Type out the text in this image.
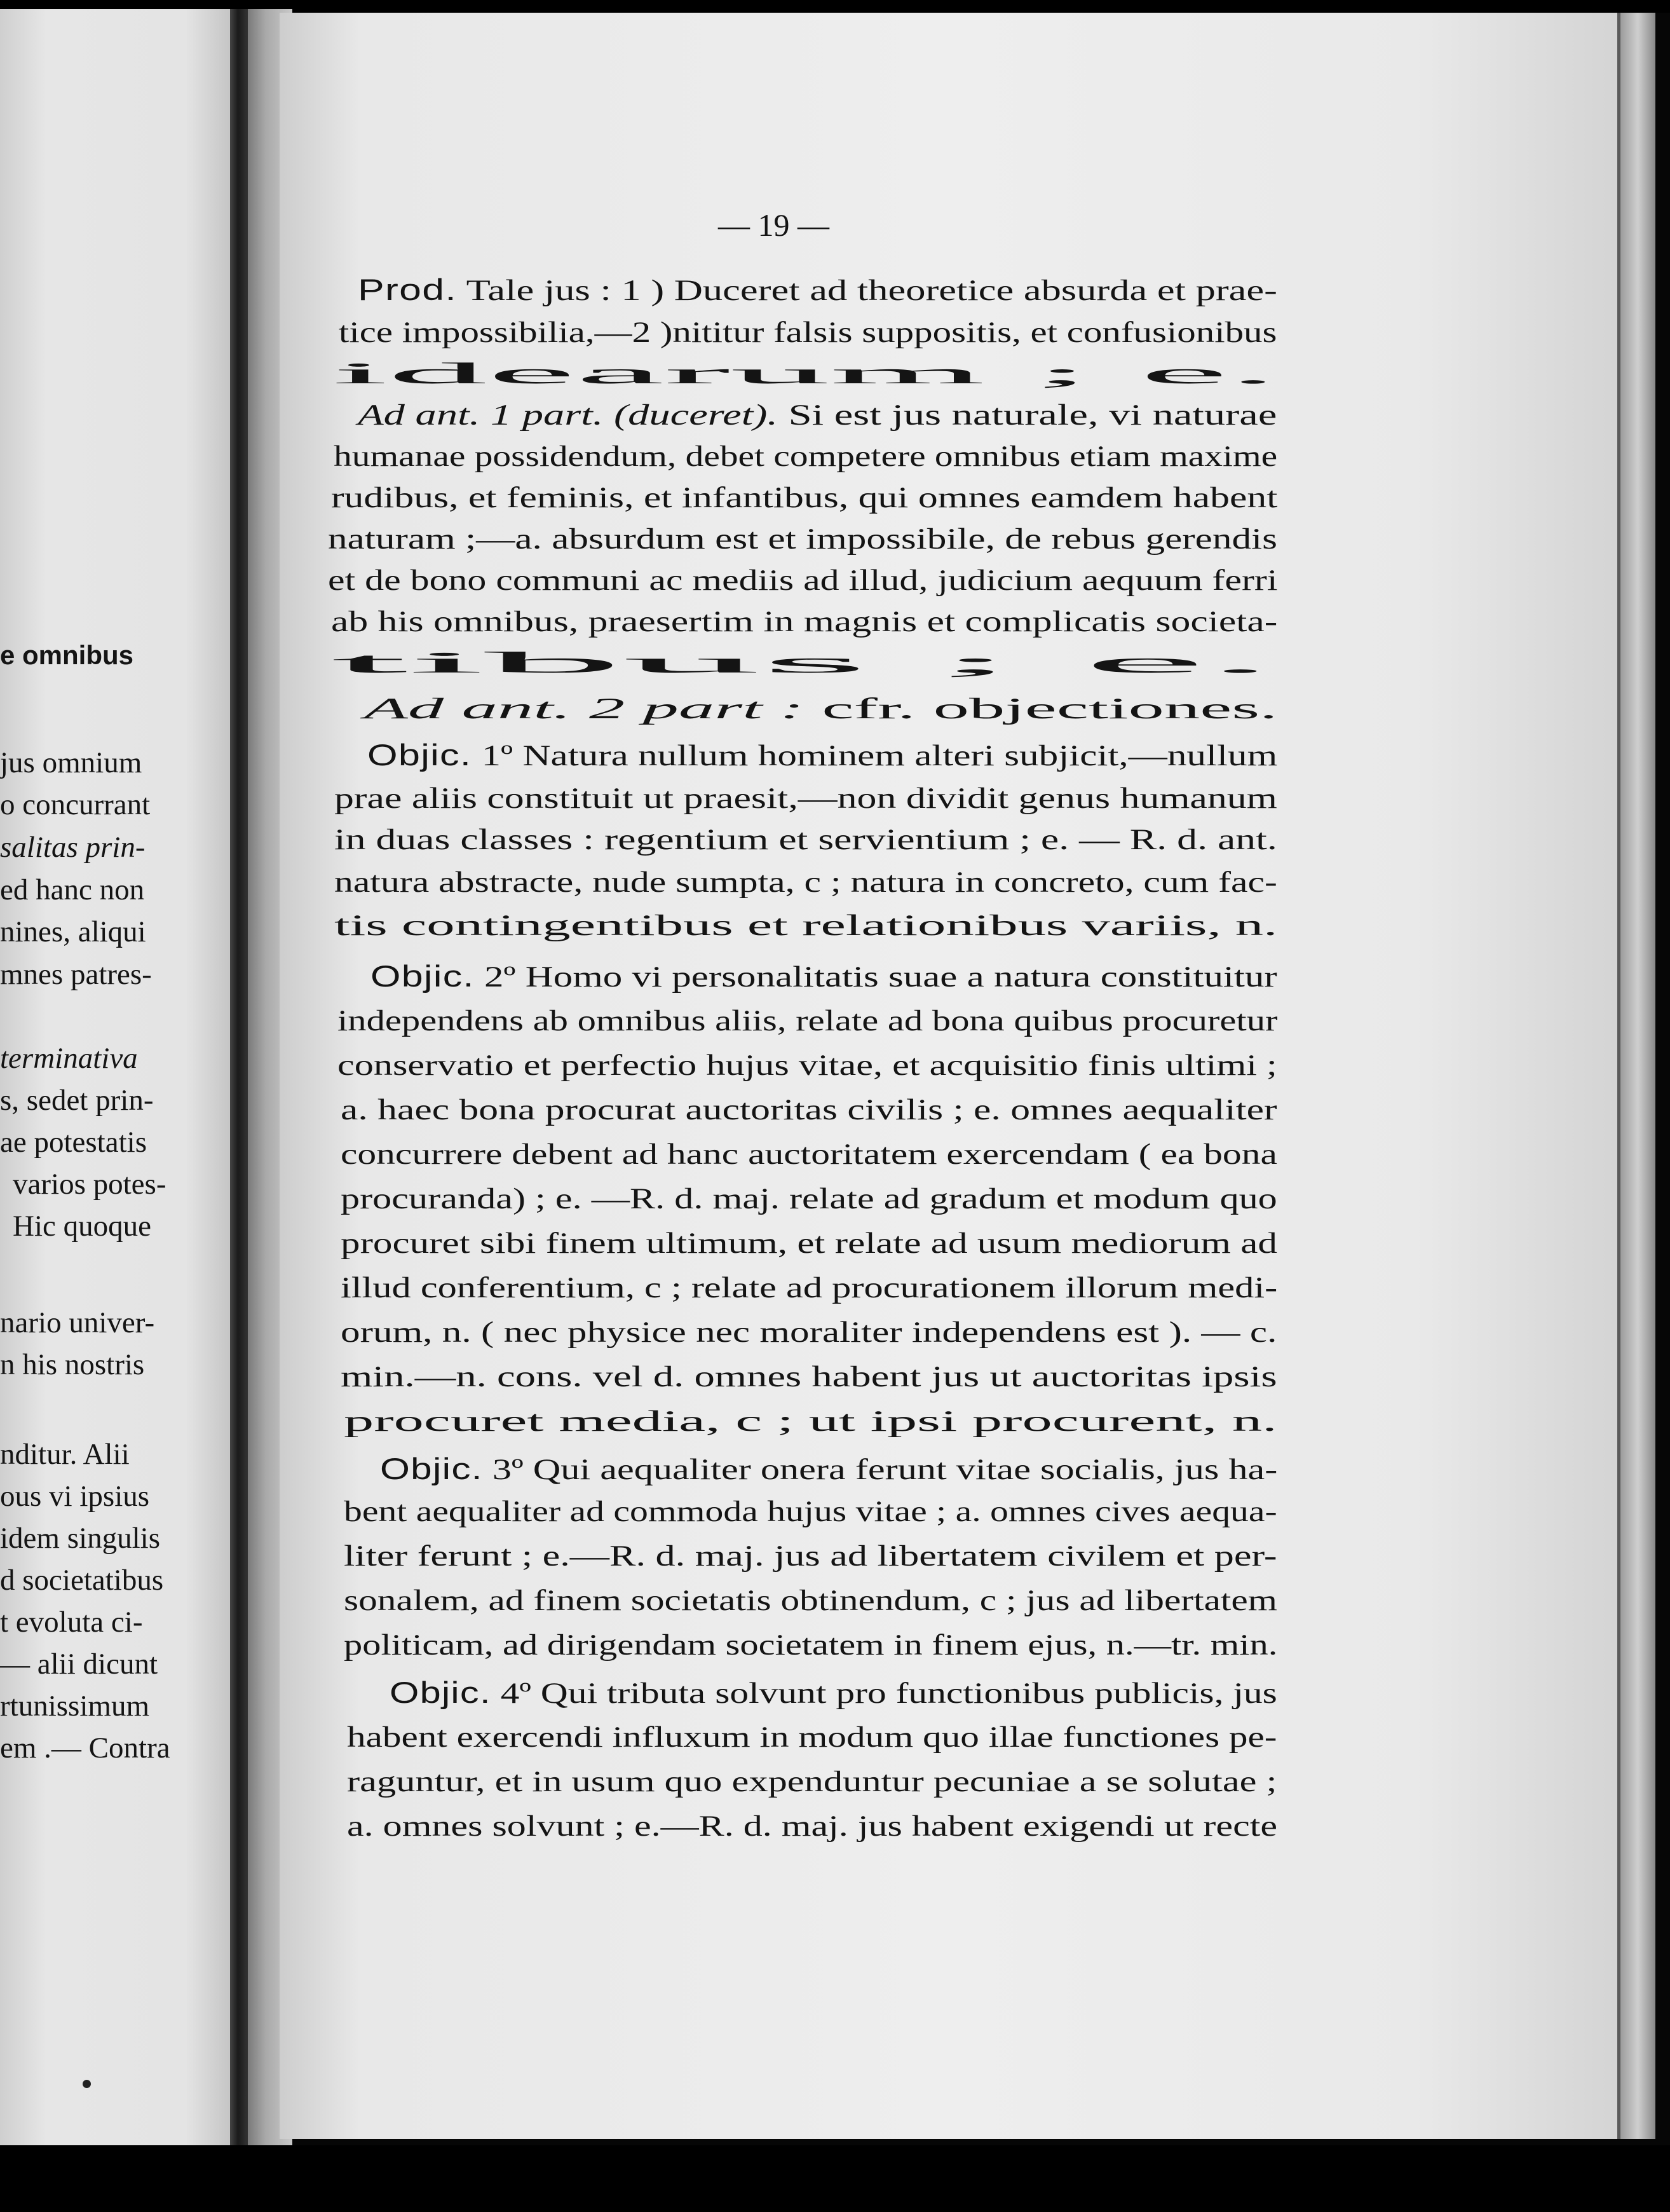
e omnibus
jus omnium
o concurrant
salitas prin-
ed hanc non
nines, aliqui
mnes patres-
terminativa
s, sedet prin-
ae potestatis
varios potes-
Hic quoque
nario univer-
n his nostris
nditur. Alii
ous vi ipsius
idem singulis
d societatibus
t evoluta ci-
— alii dicunt
rtunissimum
em .— Contra
— 19 —
Prod. Tale jus : 1 ) Duceret ad theoretice absurda et prae-
tice impossibilia,—2 )nititur falsis suppositis, et confusionibus
idearum ; e.
Ad ant. 1 part. (duceret). Si est jus naturale, vi naturae
humanae possidendum, debet competere omnibus etiam maxime
rudibus, et feminis, et infantibus, qui omnes eamdem habent
naturam ;—a. absurdum est et impossibile, de rebus gerendis
et de bono communi ac mediis ad illud, judicium aequum ferri
ab his omnibus, praesertim in magnis et complicatis societa-
tibus ; e.
Ad ant. 2 part : cfr. objectiones.
Objic. 1º Natura nullum hominem alteri subjicit,—nullum
prae aliis constituit ut praesit,—non dividit genus humanum
in duas classes : regentium et servientium ; e. — R. d. ant.
natura abstracte, nude sumpta, c ; natura in concreto, cum fac-
tis contingentibus et relationibus variis, n.
Objic. 2º Homo vi personalitatis suae a natura constituitur
independens ab omnibus aliis, relate ad bona quibus procuretur
conservatio et perfectio hujus vitae, et acquisitio finis ultimi ;
a. haec bona procurat auctoritas civilis ; e. omnes aequaliter
concurrere debent ad hanc auctoritatem exercendam ( ea bona
procuranda) ; e. —R. d. maj. relate ad gradum et modum quo
procuret sibi finem ultimum, et relate ad usum mediorum ad
illud conferentium, c ; relate ad procurationem illorum medi-
orum, n. ( nec physice nec moraliter independens est ). — c.
min.—n. cons. vel d. omnes habent jus ut auctoritas ipsis
procuret media, c ; ut ipsi procurent, n.
Objic. 3º Qui aequaliter onera ferunt vitae socialis, jus ha-
bent aequaliter ad commoda hujus vitae ; a. omnes cives aequa-
liter ferunt ; e.—R. d. maj. jus ad libertatem civilem et per-
sonalem, ad finem societatis obtinendum, c ; jus ad libertatem
politicam, ad dirigendam societatem in finem ejus, n.—tr. min.
Objic. 4º Qui tributa solvunt pro functionibus publicis, jus
habent exercendi influxum in modum quo illae functiones pe-
raguntur, et in usum quo expenduntur pecuniae a se solutae ;
a. omnes solvunt ; e.—R. d. maj. jus habent exigendi ut recte
